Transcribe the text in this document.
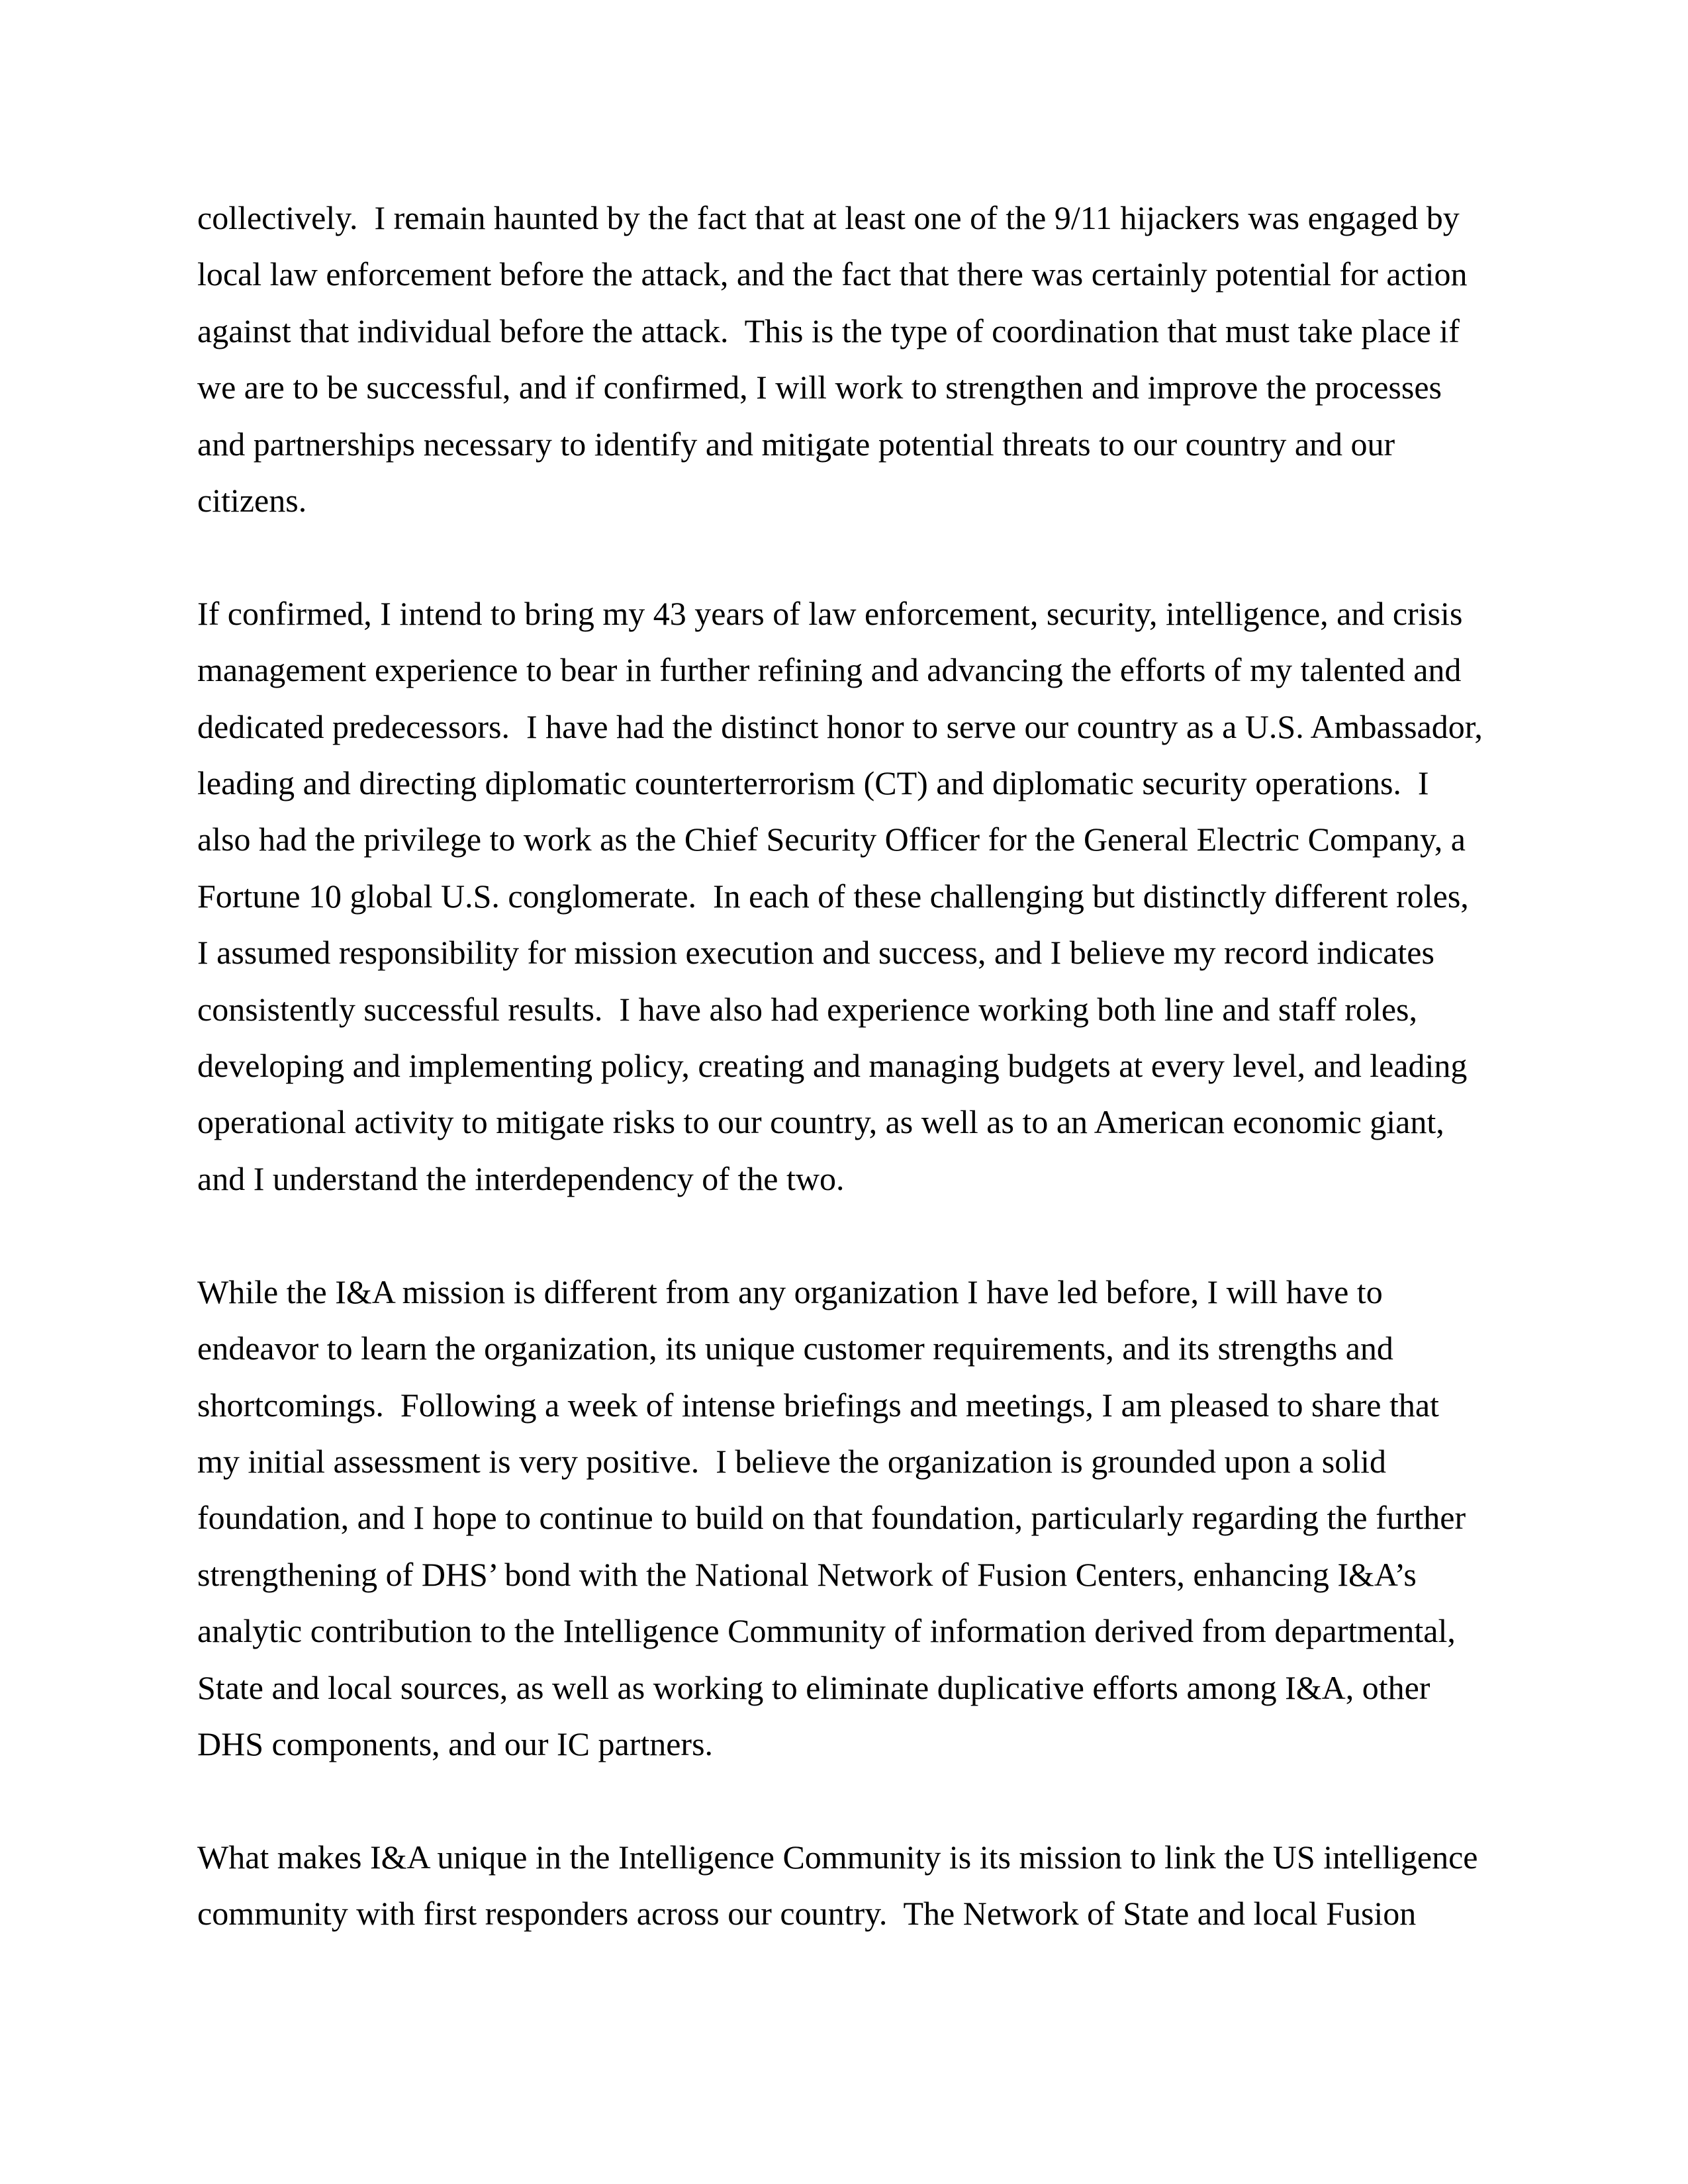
collectively.  I remain haunted by the fact that at least one of the 9/11 hijackers was engaged by
local law enforcement before the attack, and the fact that there was certainly potential for action
against that individual before the attack.  This is the type of coordination that must take place if
we are to be successful, and if confirmed, I will work to strengthen and improve the processes
and partnerships necessary to identify and mitigate potential threats to our country and our
citizens.

If confirmed, I intend to bring my 43 years of law enforcement, security, intelligence, and crisis
management experience to bear in further refining and advancing the efforts of my talented and
dedicated predecessors.  I have had the distinct honor to serve our country as a U.S. Ambassador,
leading and directing diplomatic counterterrorism (CT) and diplomatic security operations.  I
also had the privilege to work as the Chief Security Officer for the General Electric Company, a
Fortune 10 global U.S. conglomerate.  In each of these challenging but distinctly different roles,
I assumed responsibility for mission execution and success, and I believe my record indicates
consistently successful results.  I have also had experience working both line and staff roles,
developing and implementing policy, creating and managing budgets at every level, and leading
operational activity to mitigate risks to our country, as well as to an American economic giant,
and I understand the interdependency of the two.

While the I&A mission is different from any organization I have led before, I will have to
endeavor to learn the organization, its unique customer requirements, and its strengths and
shortcomings.  Following a week of intense briefings and meetings, I am pleased to share that
my initial assessment is very positive.  I believe the organization is grounded upon a solid
foundation, and I hope to continue to build on that foundation, particularly regarding the further
strengthening of DHS’ bond with the National Network of Fusion Centers, enhancing I&A’s
analytic contribution to the Intelligence Community of information derived from departmental,
State and local sources, as well as working to eliminate duplicative efforts among I&A, other
DHS components, and our IC partners.

What makes I&A unique in the Intelligence Community is its mission to link the US intelligence
community with first responders across our country.  The Network of State and local Fusion
